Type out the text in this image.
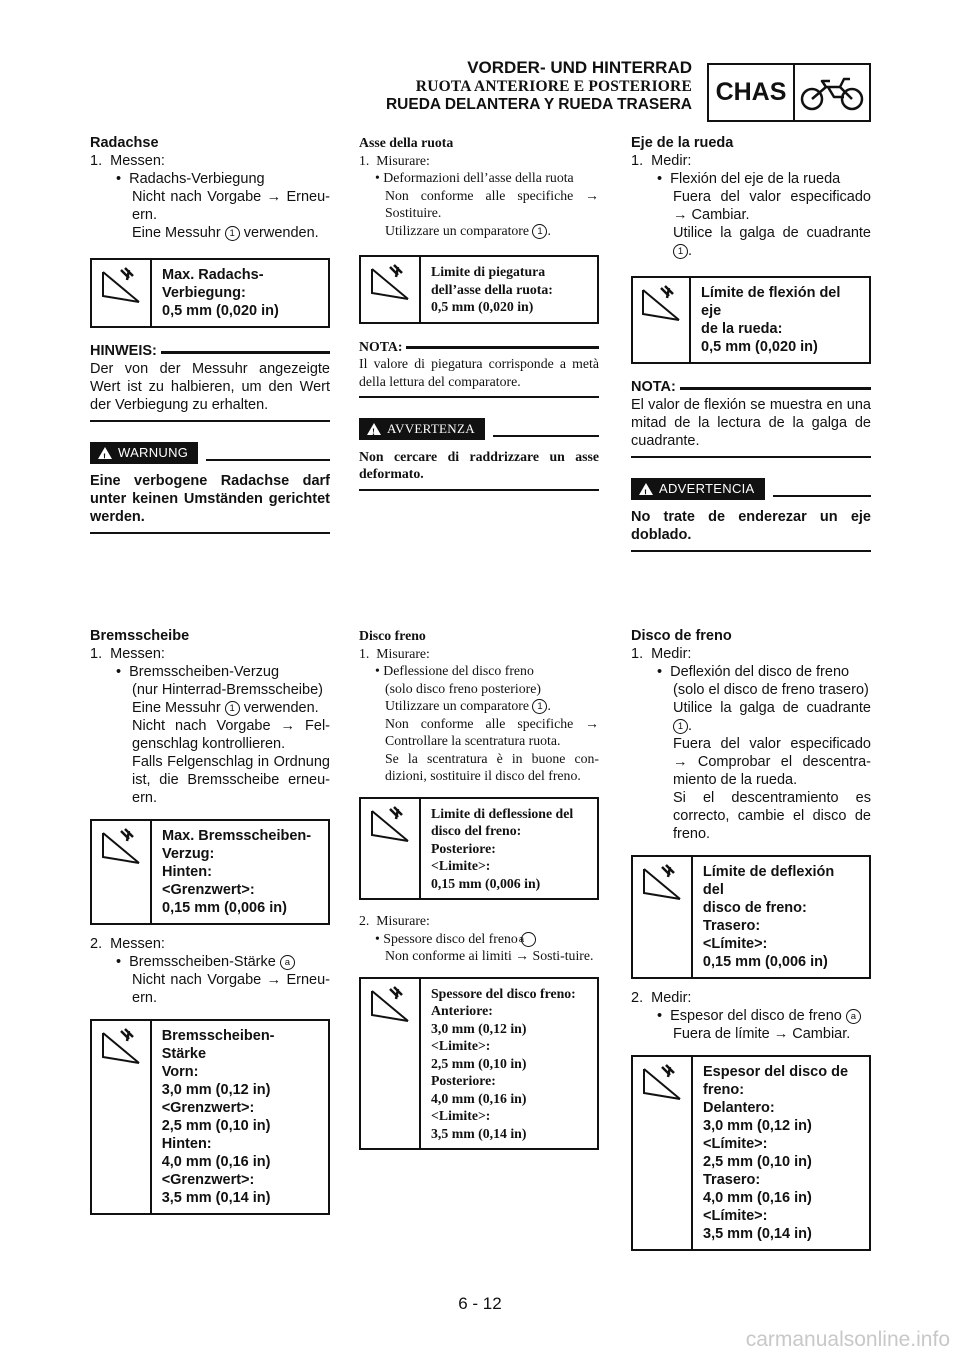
VORDER- UND HINTERRAD
RUOTA ANTERIORE E POSTERIORE
RUEDA DELANTERA Y RUEDA TRASERA CHAS
Radachse
1.  Messen:
•  Radachs-Verbiegung
Nicht nach Vorgabe → Erneu-ern.
Eine Messuhr 1 verwenden.
Max. Radachs-
Verbiegung:
0,5 mm (0,020 in)
HINWEIS:
Der von der Messuhr angezeigte Wert ist zu halbieren, um den Wert der Verbiegung zu erhalten.
!
WARNUNG
Eine verbogene Radachse darf unter keinen Umständen gerichtet werden.
Asse della ruota
1.  Misurare:
• Deformazioni dell’asse della ruota
Non conforme alle specifiche → Sostituire.
Utilizzare un comparatore 1 .
Limite di piegatura
dell’asse della ruota:
0,5 mm (0,020 in)
NOTA:
Il valore di piegatura corrisponde a metà della lettura del comparatore.
!
AVVERTENZA
Non cercare di raddrizzare un asse deformato.
Eje de la rueda
1.  Medir:
•  Flexión del eje de la rueda
Fuera del valor especificado → Cambiar.
Utilice la galga de cuadrante 1 .
Límite de flexión del eje
de la rueda:
0,5 mm (0,020 in)
NOTA:
El valor de flexión se muestra en una mitad de la lectura de la galga de cuadrante.
!
ADVERTENCIA
No trate de enderezar un eje doblado.
Bremsscheibe
1.  Messen:
•  Bremsscheiben-Verzug
(nur Hinterrad-Bremsscheibe)
Eine Messuhr 1 verwenden.
Nicht nach Vorgabe → Fel-genschlag kontrollieren.
Falls Felgenschlag in Ordnung ist, die Bremsscheibe erneu-ern.
Max. Bremsscheiben-
Verzug:
Hinten:
<Grenzwert>:
0,15 mm (0,006 in)
2.  Messen:
•  Bremsscheiben-Stärke a
Nicht nach Vorgabe → Erneu-ern.
Bremsscheiben-Stärke
Vorn:
3,0 mm (0,12 in)
<Grenzwert>:
2,5 mm (0,10 in)
Hinten:
4,0 mm (0,16 in)
<Grenzwert>:
3,5 mm (0,14 in)
Disco freno
1.  Misurare:
• Deflessione del disco freno
(solo disco freno posteriore)
Utilizzare un comparatore 1 .
Non conforme alle specifiche → Controllare la scentratura ruota.
Se la scentratura è in buone con-dizioni, sostituire il disco del freno.
Limite di deflessione del
disco del freno:
Posteriore:
<Limite>:
0,15 mm (0,006 in)
2.  Misurare:
• Spessore disco del freno a
Non conforme ai limiti → Sosti-tuire.
Spessore del disco freno:
Anteriore:
3,0 mm (0,12 in)
<Limite>:
2,5 mm (0,10 in)
Posteriore:
4,0 mm (0,16 in)
<Limite>:
3,5 mm (0,14 in)
Disco de freno
1.  Medir:
•  Deflexión del disco de freno
(solo el disco de freno trasero)
Utilice la galga de cuadrante 1 .
Fuera del valor especificado → Comprobar el descentra-miento de la rueda.
Si el descentramiento es correcto, cambie el disco de freno.
Límite de deflexión del
disco de freno:
Trasero:
<Límite>:
0,15 mm (0,006 in)
2.  Medir:
•  Espesor del disco de freno a
Fuera de límite → Cambiar.
Espesor del disco de
freno:
Delantero:
3,0 mm (0,12 in)
<Límite>:
2,5 mm (0,10 in)
Trasero:
4,0 mm (0,16 in)
<Límite>:
3,5 mm (0,14 in)
6 - 12
carmanualsonline.info
